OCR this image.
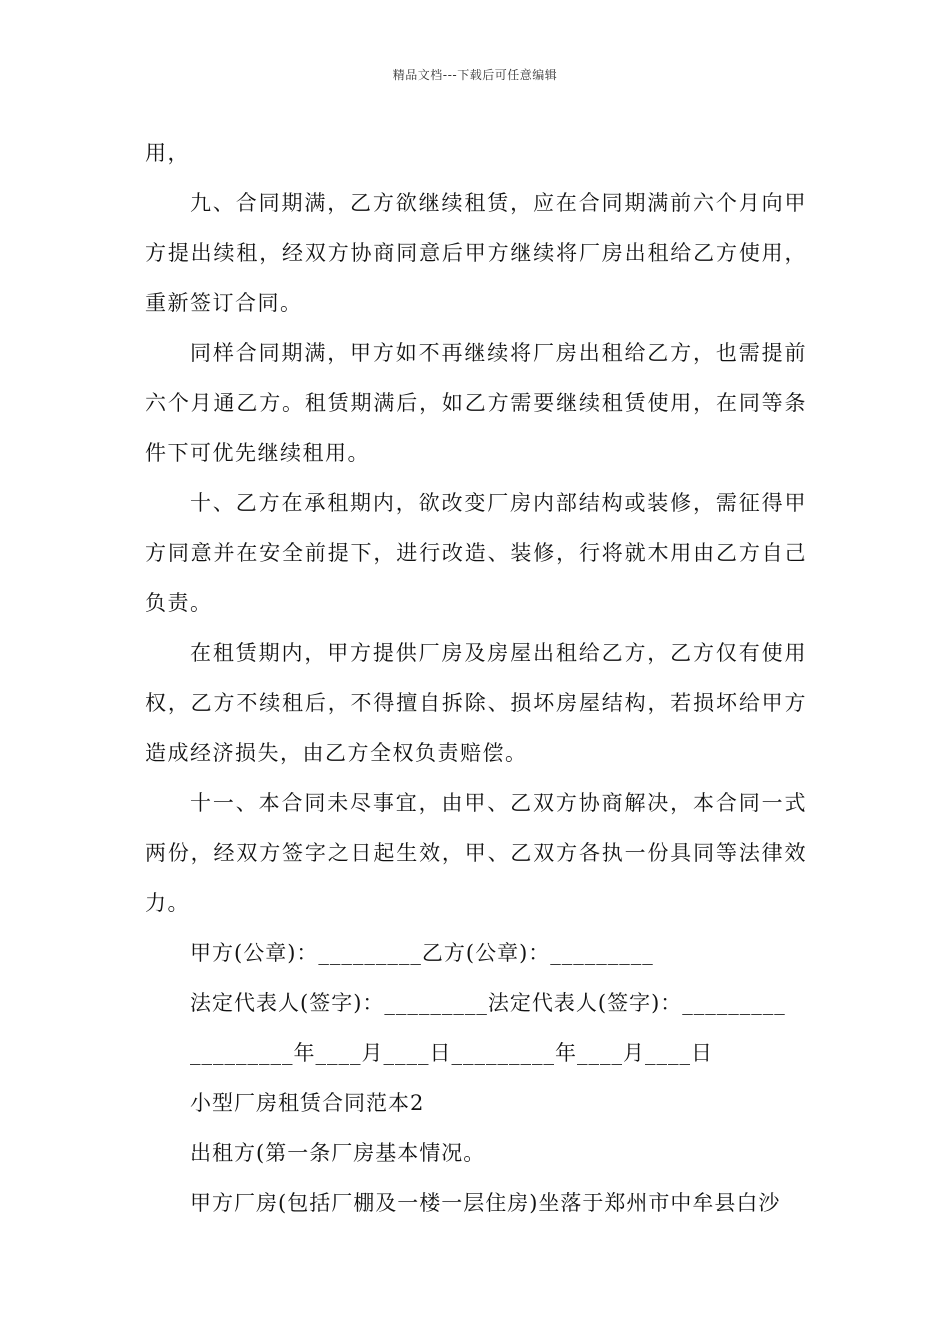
精品文档---下载后可任意编辑

用，

九、合同期满，乙方欲继续租赁，应在合同期满前六个月向甲方提出续租，经双方协商同意后甲方继续将厂房出租给乙方使用，重新签订合同。

同样合同期满，甲方如不再继续将厂房出租给乙方，也需提前六个月通乙方。租赁期满后，如乙方需要继续租赁使用，在同等条件下可优先继续租用。

十、乙方在承租期内，欲改变厂房内部结构或装修，需征得甲方同意并在安全前提下，进行改造、装修，行将就木用由乙方自己负责。

在租赁期内，甲方提供厂房及房屋出租给乙方，乙方仅有使用权，乙方不续租后，不得擅自拆除、损坏房屋结构，若损坏给甲方造成经济损失，由乙方全权负责赔偿。

十一、本合同未尽事宜，由甲、乙双方协商解决，本合同一式两份，经双方签字之日起生效，甲、乙双方各执一份具同等法律效力。

甲方(公章)：_________乙方(公章)：_________
法定代表人(签字)：_________法定代表人(签字)：_________
_________年____月____日_________年____月____日
小型厂房租赁合同范本2
出租方(第一条厂房基本情况。
甲方厂房(包括厂棚及一楼一层住房)坐落于郑州市中牟县白沙
